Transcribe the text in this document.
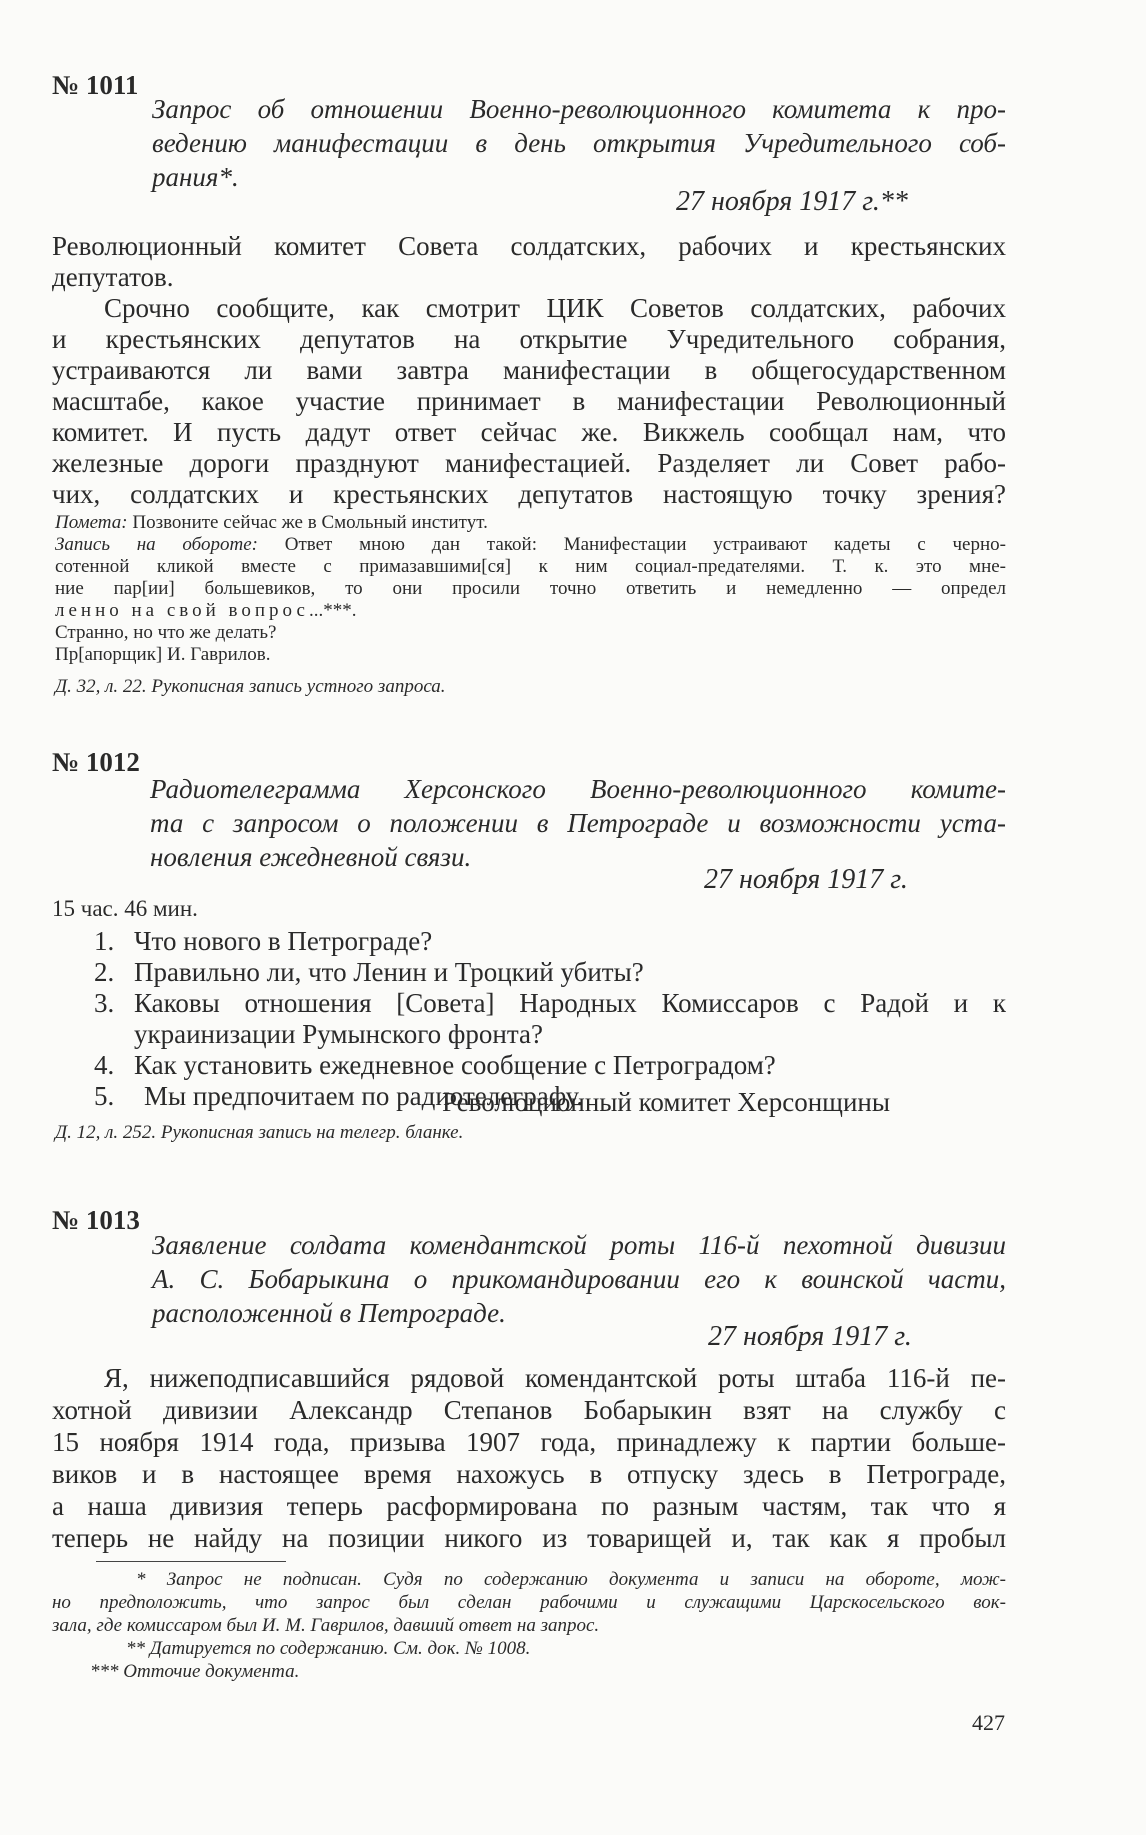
№ 1011
Запрос об отношении Военно-революционного комитета к про-
ведению манифестации в день открытия Учредительного соб-
рания*.
27 ноября 1917 г.**
Революционный комитет Совета солдатских, рабочих и крестьянских
депутатов.
Срочно сообщите, как смотрит ЦИК Советов солдатских, рабочих
и крестьянских депутатов на открытие Учредительного собрания,
устраиваются ли вами завтра манифестации в общегосударственном
масштабе, какое участие принимает в манифестации Революционный
комитет. И пусть дадут ответ сейчас же. Викжель сообщал нам, что
железные дороги празднуют манифестацией. Разделяет ли Совет рабо-
чих, солдатских и крестьянских депутатов настоящую точку зрения?
Помета: Позвоните сейчас же в Смольный институт.
Запись на обороте: Ответ мною дан такой: Манифестации устраивают кадеты с черно-
сотенной кликой вместе с примазавшими[ся] к ним социал-предателями. Т. к. это мне-
ние пар[ии] большевиков, то они просили точно ответить и немедленно — определ
ленно на свой вопрос...***.
Странно, но что же делать?
Пр[апорщик] И. Гаврилов.
Д. 32, л. 22. Рукописная запись устного запроса.
№ 1012
Радиотелеграмма Херсонского Военно-революционного комите-
та с запросом о положении в Петрограде и возможности уста-
новления ежедневной связи.
27 ноября 1917 г.
15 час. 46 мин.
1. Что нового в Петрограде?
2. Правильно ли, что Ленин и Троцкий убиты?
3. Каковы отношения [Совета] Народных Комиссаров с Радой и к
украинизации Румынского фронта?
4. Как установить ежедневное сообщение с Петроградом?
5. Мы предпочитаем по радиотелеграфу.
Революционный комитет Херсонщины
Д. 12, л. 252. Рукописная запись на телегр. бланке.
№ 1013
Заявление солдата комендантской роты 116-й пехотной дивизии
А. С. Бобарыкина о прикомандировании его к воинской части,
расположенной в Петрограде.
27 ноября 1917 г.
Я, нижеподписавшийся рядовой комендантской роты штаба 116-й пе-
хотной дивизии Александр Степанов Бобарыкин взят на службу с
15 ноября 1914 года, призыва 1907 года, принадлежу к партии больше-
виков и в настоящее время нахожусь в отпуску здесь в Петрограде,
а наша дивизия теперь расформирована по разным частям, так что я
теперь не найду на позиции никого из товарищей и, так как я пробыл
* Запрос не подписан. Судя по содержанию документа и записи на обороте, мож-
но предположить, что запрос был сделан рабочими и служащими Царскосельского вок-
зала, где комиссаром был И. М. Гаврилов, давший ответ на запрос.
** Датируется по содержанию. См. док. № 1008.
*** Отточие документа.
427
